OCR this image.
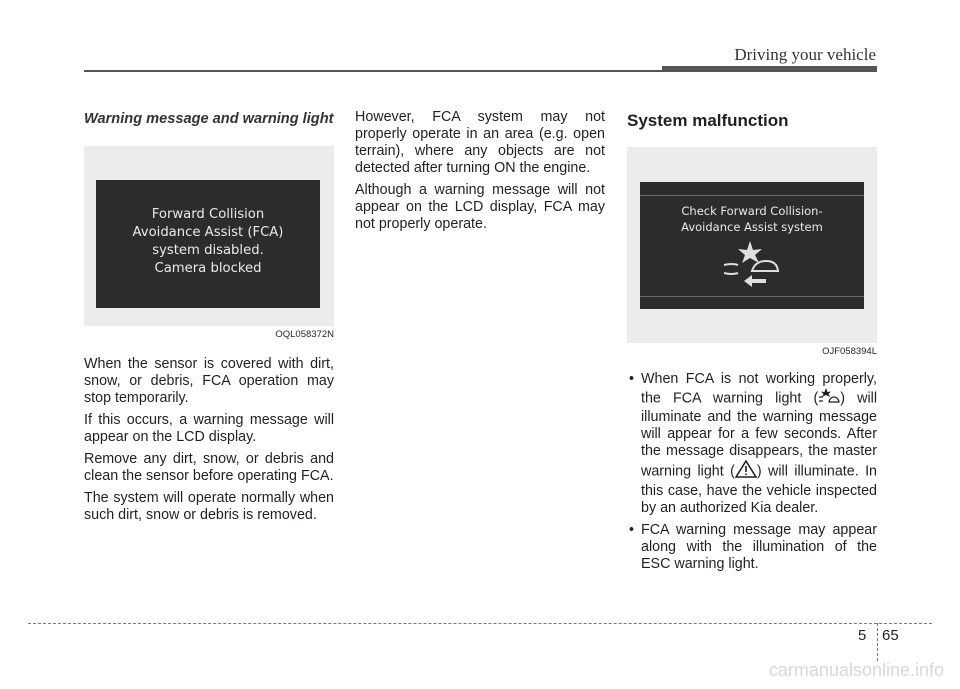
Driving your vehicle
Warning message and warning light
Forward Collision
Avoidance Assist (FCA)
system disabled.
Camera blocked
OQL058372N

When the sensor is covered with dirt, snow, or debris, FCA operation may stop temporarily.

If this occurs, a warning message will appear on the LCD display.

Remove any dirt, snow, or debris and clean the sensor before operating FCA.

The system will operate normally when such dirt, snow or debris is removed.

However, FCA system may not properly operate in an area (e.g. open terrain), where any objects are not detected after turning ON the engine.

Although a warning message will not appear on the LCD display, FCA may not properly operate.

System malfunction
Check Forward Collision-
Avoidance Assist system
OJF058394L
• When FCA is not working properly, the FCA warning light ( ) will illuminate and the warning message will appear for a few seconds. After the message disappears, the master warning light ( ) will illuminate. In this case, have the vehicle inspected by an authorized Kia dealer.
• FCA warning message may appear along with the illumination of the ESC warning light.
5 65
carmanualsonline.info
